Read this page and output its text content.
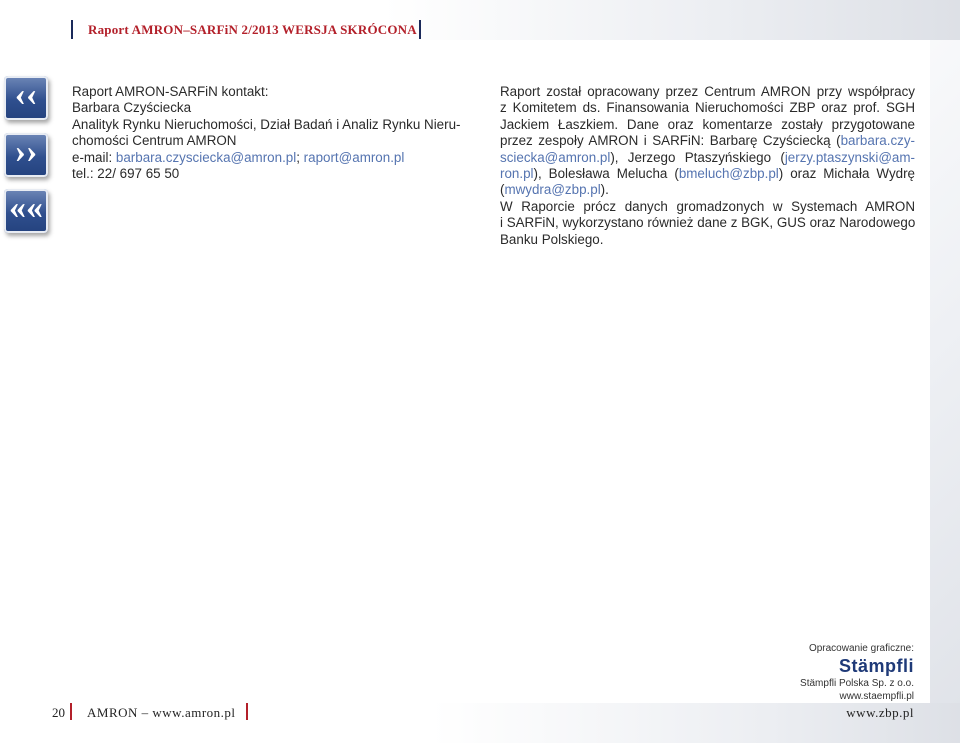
Raport AMRON–SARFiN 2/2013 WERSJA SKRÓCONA
‹‹
››
««
Raport AMRON-SARFiN kontakt:
Barbara Czyściecka
Analityk Rynku Nieruchomości, Dział Badań i Analiz Rynku Nieru-
chomości Centrum AMRON
e-mail: barbara.czysciecka@amron.pl; raport@amron.pl
tel.: 22/ 697 65 50
Raport został opracowany przez Centrum AMRON przy współpracy
z Komitetem ds. Finansowania Nieruchomości ZBP oraz prof. SGH
Jackiem Łaszkiem. Dane oraz komentarze zostały przygotowane
przez zespoły AMRON i SARFiN: Barbarę Czyściecką (barbara.czy-
sciecka@amron.pl), Jerzego Ptaszyńskiego (jerzy.ptaszynski@am-
ron.pl), Bolesława Melucha (bmeluch@zbp.pl) oraz Michała Wydrę
(mwydra@zbp.pl).
W Raporcie prócz danych gromadzonych w Systemach AMRON
i SARFiN, wykorzystano również dane z BGK, GUS oraz Narodowego
Banku Polskiego.
Opracowanie graficzne:
Stämpfli
Stämpfli Polska Sp. z o.o.
www.staempfli.pl
20 AMRON – www.amron.pl	www.zbp.pl
